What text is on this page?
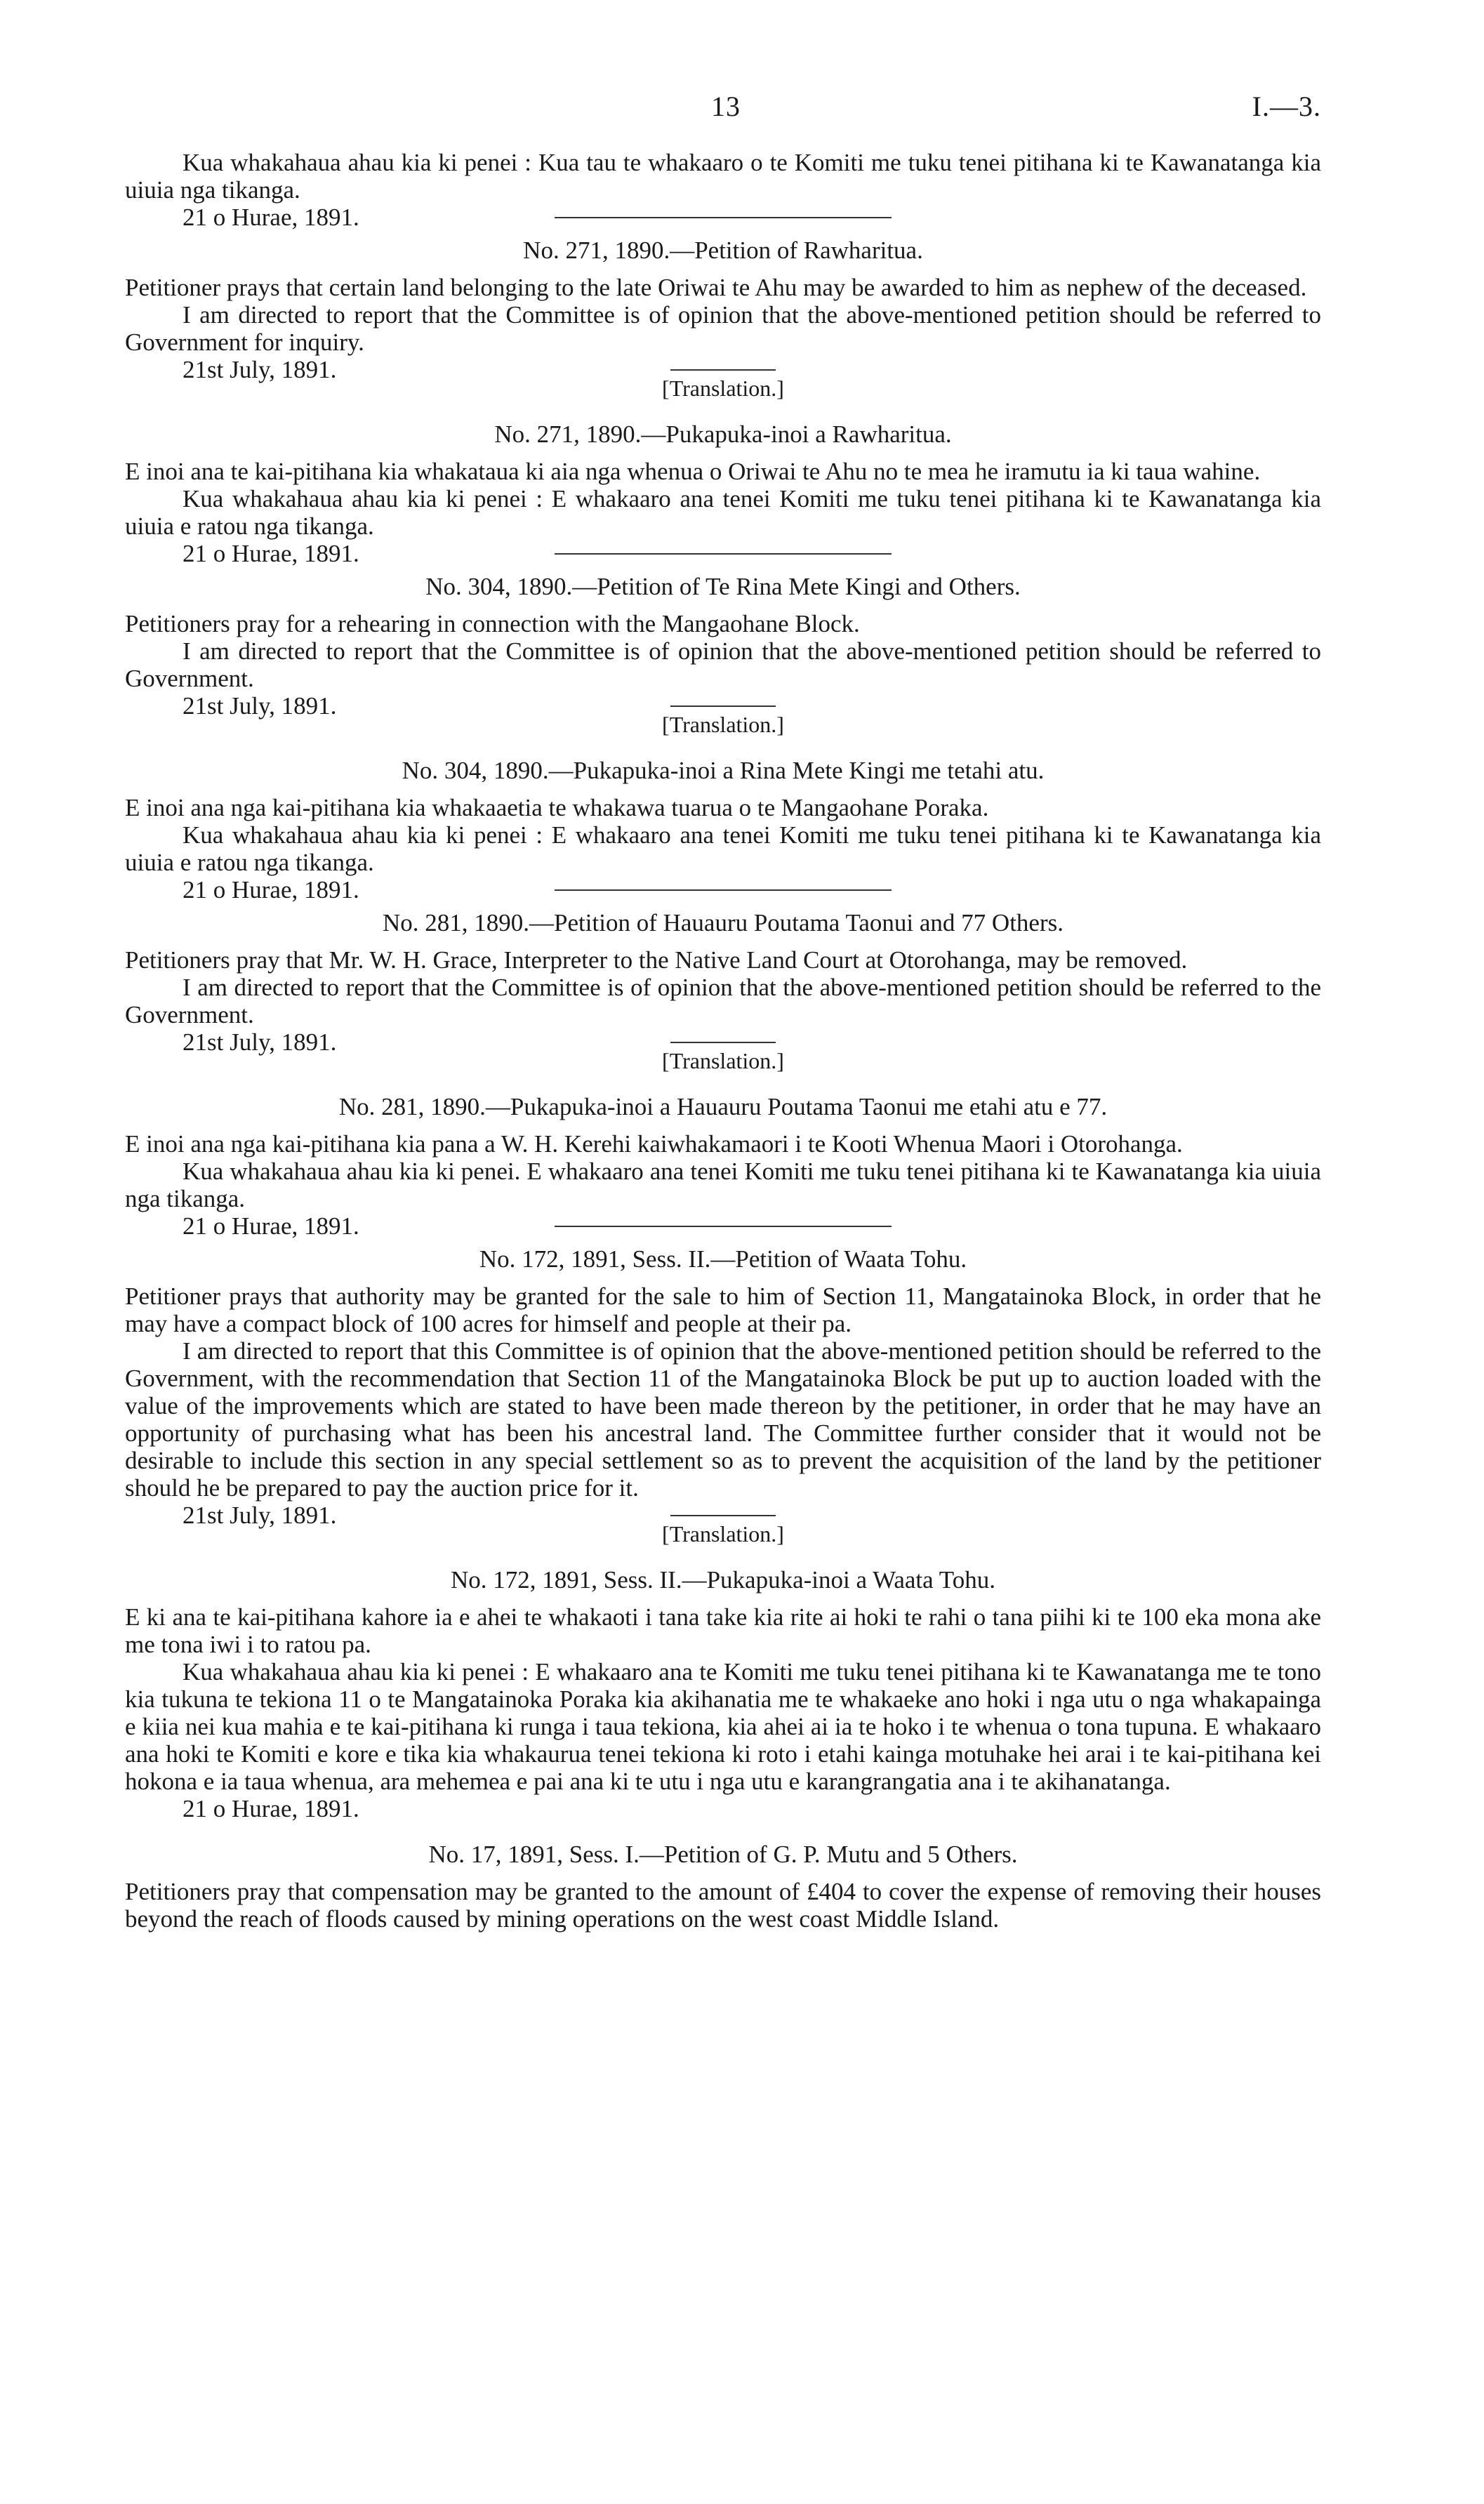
13	I.—3.

Kua whakahaua ahau kia ki penei : Kua tau te whakaaro o te Komiti me tuku tenei pitihana ki te Kawanatanga kia uiuia nga tikanga.

21 o Hurae, 1891.

No. 271, 1890.—Petition of Rawharitua.

Petitioner prays that certain land belonging to the late Oriwai te Ahu may be awarded to him as nephew of the deceased.

I am directed to report that the Committee is of opinion that the above-mentioned petition should be referred to Government for inquiry.

21st July, 1891.

[Translation.]

No. 271, 1890.—Pukapuka-inoi a Rawharitua.

E inoi ana te kai-pitihana kia whakataua ki aia nga whenua o Oriwai te Ahu no te mea he iramutu ia ki taua wahine.

Kua whakahaua ahau kia ki penei : E whakaaro ana tenei Komiti me tuku tenei pitihana ki te Kawanatanga kia uiuia e ratou nga tikanga.

21 o Hurae, 1891.

No. 304, 1890.—Petition of Te Rina Mete Kingi and Others.

Petitioners pray for a rehearing in connection with the Mangaohane Block.

I am directed to report that the Committee is of opinion that the above-mentioned petition should be referred to Government.

21st July, 1891.

[Translation.]

No. 304, 1890.—Pukapuka-inoi a Rina Mete Kingi me tetahi atu.

E inoi ana nga kai-pitihana kia whakaaetia te whakawa tuarua o te Mangaohane Poraka.

Kua whakahaua ahau kia ki penei : E whakaaro ana tenei Komiti me tuku tenei pitihana ki te Kawanatanga kia uiuia e ratou nga tikanga.

21 o Hurae, 1891.

No. 281, 1890.—Petition of Hauauru Poutama Taonui and 77 Others.

Petitioners pray that Mr. W. H. Grace, Interpreter to the Native Land Court at Otorohanga, may be removed.

I am directed to report that the Committee is of opinion that the above-mentioned petition should be referred to the Government.

21st July, 1891.

[Translation.]

No. 281, 1890.—Pukapuka-inoi a Hauauru Poutama Taonui me etahi atu e 77.

E inoi ana nga kai-pitihana kia pana a W. H. Kerehi kaiwhakamaori i te Kooti Whenua Maori i Otorohanga.

Kua whakahaua ahau kia ki penei. E whakaaro ana tenei Komiti me tuku tenei pitihana ki te Kawanatanga kia uiuia nga tikanga.

21 o Hurae, 1891.

No. 172, 1891, Sess. II.—Petition of Waata Tohu.

Petitioner prays that authority may be granted for the sale to him of Section 11, Mangatainoka Block, in order that he may have a compact block of 100 acres for himself and people at their pa.

I am directed to report that this Committee is of opinion that the above-mentioned petition should be referred to the Government, with the recommendation that Section 11 of the Mangatainoka Block be put up to auction loaded with the value of the improvements which are stated to have been made thereon by the petitioner, in order that he may have an opportunity of purchasing what has been his ancestral land. The Committee further consider that it would not be desirable to include this section in any special settlement so as to prevent the acquisition of the land by the petitioner should he be prepared to pay the auction price for it.

21st July, 1891.

[Translation.]

No. 172, 1891, Sess. II.—Pukapuka-inoi a Waata Tohu.

E ki ana te kai-pitihana kahore ia e ahei te whakaoti i tana take kia rite ai hoki te rahi o tana piihi ki te 100 eka mona ake me tona iwi i to ratou pa.

Kua whakahaua ahau kia ki penei : E whakaaro ana te Komiti me tuku tenei pitihana ki te Kawanatanga me te tono kia tukuna te tekiona 11 o te Mangatainoka Poraka kia akihanatia me te whakaeke ano hoki i nga utu o nga whakapainga e kiia nei kua mahia e te kai-pitihana ki runga i taua tekiona, kia ahei ai ia te hoko i te whenua o tona tupuna. E whakaaro ana hoki te Komiti e kore e tika kia whakaurua tenei tekiona ki roto i etahi kainga motuhake hei arai i te kai-pitihana kei hokona e ia taua whenua, ara mehemea e pai ana ki te utu i nga utu e karangrangatia ana i te akihanatanga.

21 o Hurae, 1891.

No. 17, 1891, Sess. I.—Petition of G. P. Mutu and 5 Others.

Petitioners pray that compensation may be granted to the amount of £404 to cover the expense of removing their houses beyond the reach of floods caused by mining operations on the west coast Middle Island.
